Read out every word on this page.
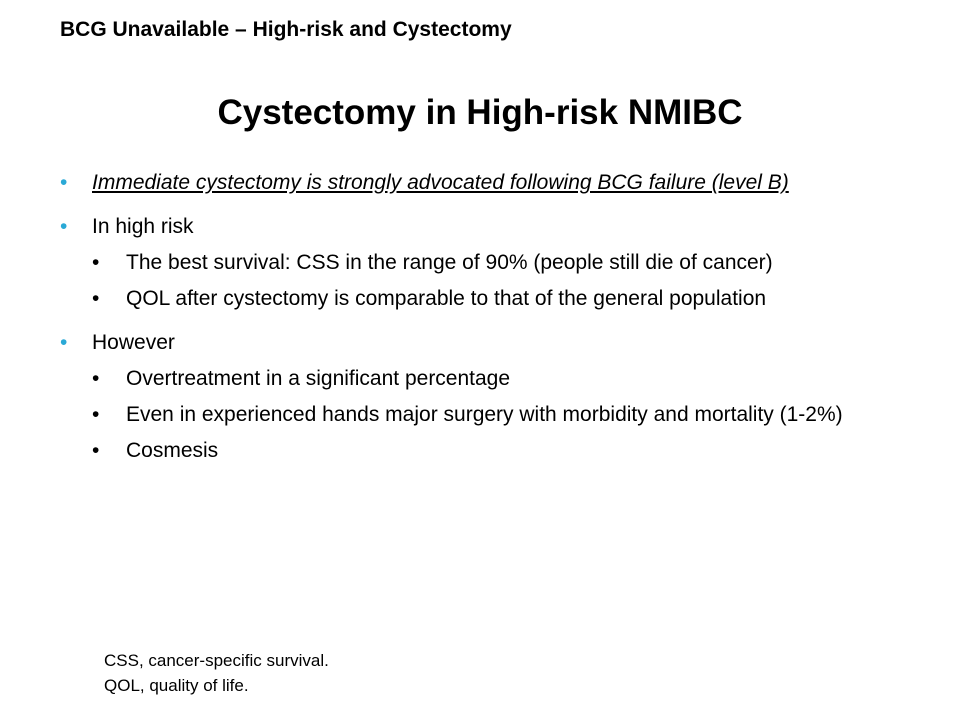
BCG Unavailable – High-risk and Cystectomy
Cystectomy in High-risk NMIBC
• Immediate cystectomy is strongly advocated following BCG failure (level B)
• In high risk
• The best survival: CSS in the range of 90% (people still die of cancer)
• QOL after cystectomy is comparable to that of the general population
• However
• Overtreatment in a significant percentage
• Even in experienced hands major surgery with morbidity and mortality (1-2%)
• Cosmesis
CSS, cancer-specific survival.
QOL, quality of life.
